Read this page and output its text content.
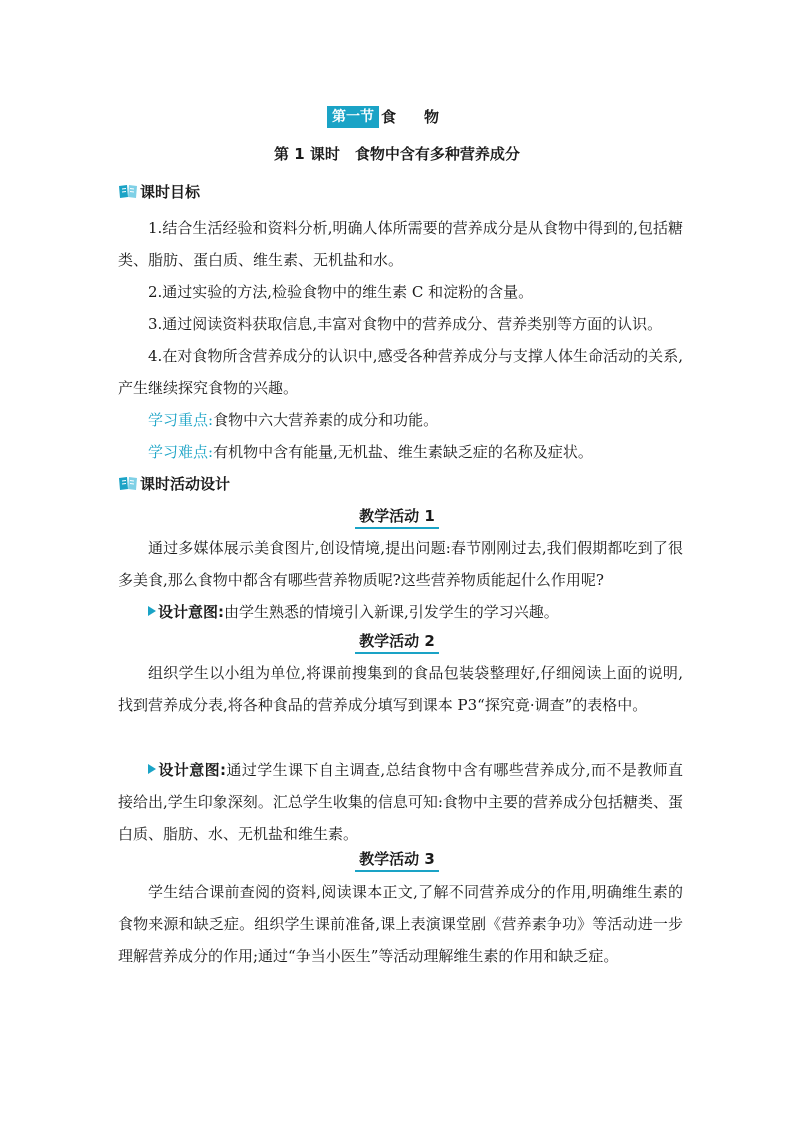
第一节 食物
第 1 课时　食物中含有多种营养成分
课时目标
1.结合生活经验和资料分析,明确人体所需要的营养成分是从食物中得到的,包括糖类、脂肪、蛋白质、维生素、无机盐和水。
2.通过实验的方法,检验食物中的维生素 C 和淀粉的含量。
3.通过阅读资料获取信息,丰富对食物中的营养成分、营养类别等方面的认识。
4.在对食物所含营养成分的认识中,感受各种营养成分与支撑人体生命活动的关系,产生继续探究食物的兴趣。
学习重点:食物中六大营养素的成分和功能。
学习难点:有机物中含有能量,无机盐、维生素缺乏症的名称及症状。
课时活动设计
教学活动 1
通过多媒体展示美食图片,创设情境,提出问题:春节刚刚过去,我们假期都吃到了很多美食,那么食物中都含有哪些营养物质呢?这些营养物质能起什么作用呢?
设计意图:由学生熟悉的情境引入新课,引发学生的学习兴趣。
教学活动 2
组织学生以小组为单位,将课前搜集到的食品包装袋整理好,仔细阅读上面的说明,找到营养成分表,将各种食品的营养成分填写到课本 P3“探究竟·调查”的表格中。
设计意图:通过学生课下自主调查,总结食物中含有哪些营养成分,而不是教师直接给出,学生印象深刻。汇总学生收集的信息可知:食物中主要的营养成分包括糖类、蛋白质、脂肪、水、无机盐和维生素。
教学活动 3
学生结合课前查阅的资料,阅读课本正文,了解不同营养成分的作用,明确维生素的食物来源和缺乏症。组织学生课前准备,课上表演课堂剧《营养素争功》等活动进一步理解营养成分的作用;通过“争当小医生”等活动理解维生素的作用和缺乏症。
